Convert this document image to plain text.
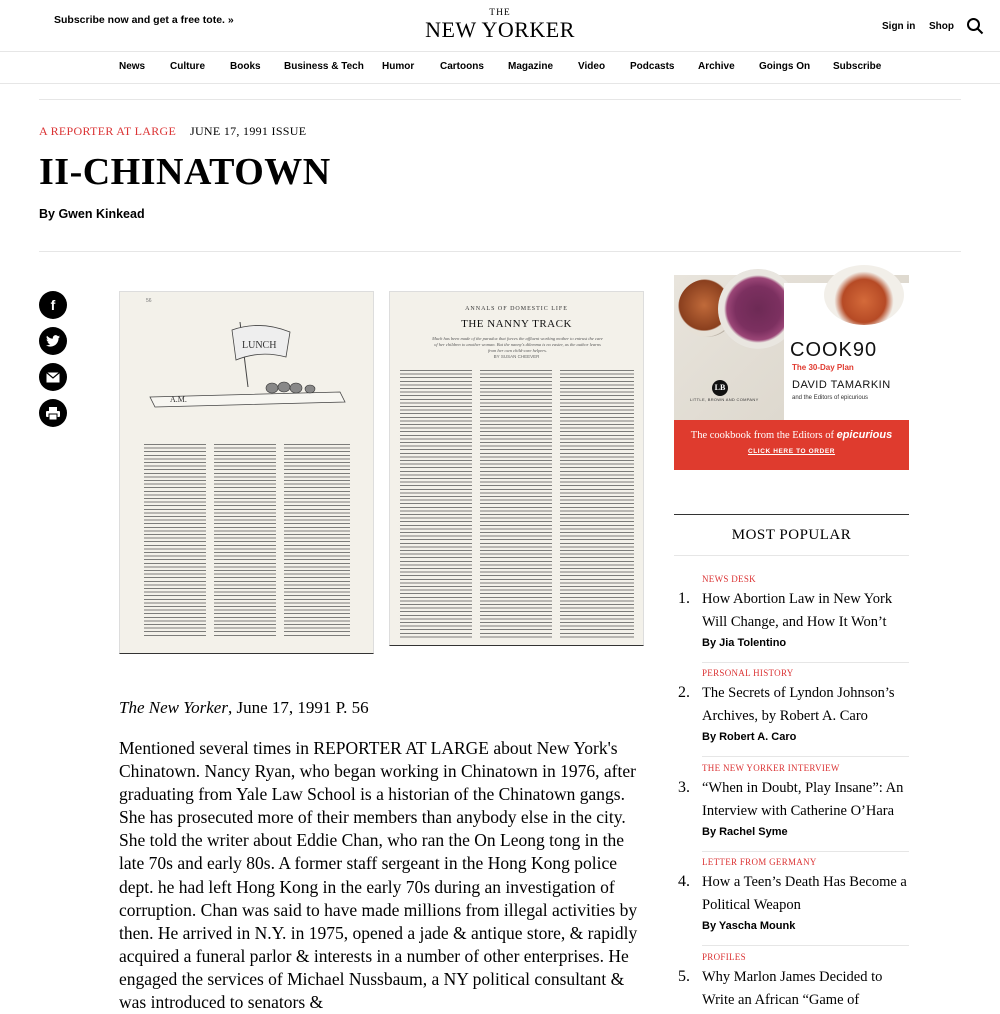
Subscribe now and get a free tote. »
THE
NEW YORKER	Sign in Shop
News Culture	Books Business & Tech Humor	Cartoons Magazine Video Podcasts Archive Goings On Subscribe
A REPORTER AT LARGE JUNE 17, 1991 ISSUE
II-CHINATOWN
By Gwen Kinkead
f	56
LUNCH
A.M.
ANNALS OF DOMESTIC LIFE
THE NANNY TRACK
Much has been made of the paradox that forces the affluent working mother to entrust the care of her children to another woman. But the nanny's dilemma is no easier, as the author learns from her own child-care helpers.
BY SUSAN CHEEVER
The New Yorker, June 17, 1991 P. 56

Mentioned several times in REPORTER AT LARGE about New York's Chinatown. Nancy Ryan, who began working in Chinatown in 1976, after graduating from Yale Law School is a historian of the Chinatown gangs. She has prosecuted more of their members than anybody else in the city. She told the writer about Eddie Chan, who ran the On Leong tong in the late 70s and early 80s. A former staff sergeant in the Hong Kong police dept. he had left Hong Kong in the early 70s during an investigation of corruption. Chan was said to have made millions from illegal activities by then. He arrived in N.Y. in 1975, opened a jade & antique store, & rapidly acquired a funeral parlor & interests in a number of other enterprises. He engaged the services of Michael Nussbaum, a NY political consultant & was introduced to senators &

COOK90
The 30-Day Plan
DAVID TAMARKIN
and the Editors of epicurious
LB
LITTLE, BROWN AND COMPANY
The cookbook from the Editors of epicurious
CLICK HERE TO ORDER
MOST POPULAR
1.
NEWS DESK
How Abortion Law in New York Will Change, and How It Won’t
By Jia Tolentino
2.
PERSONAL HISTORY
The Secrets of Lyndon Johnson’s Archives, by Robert A. Caro
By Robert A. Caro
3.
THE NEW YORKER INTERVIEW
“When in Doubt, Play Insane”: An Interview with Catherine O’Hara
By Rachel Syme
4.
LETTER FROM GERMANY
How a Teen’s Death Has Become a Political Weapon
By Yascha Mounk
5.
PROFILES
Why Marlon James Decided to Write an African “Game of
